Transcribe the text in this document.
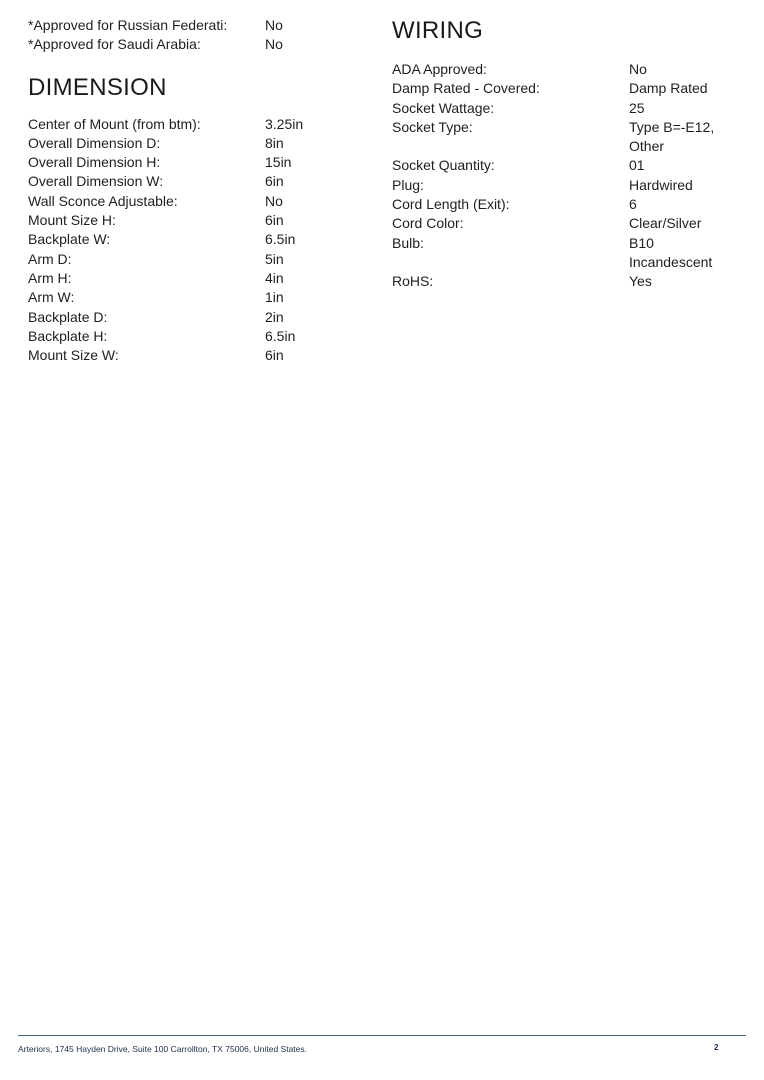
*Approved for Russian Federati:	No
*Approved for Saudi Arabia:	No
DIMENSION
Center of Mount (from btm):	3.25in
Overall Dimension D:	8in
Overall Dimension H:	15in
Overall Dimension W:	6in
Wall Sconce Adjustable:	No
Mount Size H:	6in
Backplate W:	6.5in
Arm D:	5in
Arm H:	4in
Arm W:	1in
Backplate D:	2in
Backplate H:	6.5in
Mount Size W:	6in
WIRING
ADA Approved:	No
Damp Rated - Covered:	Damp Rated
Socket Wattage:	25
Socket Type:	Type B=-E12,
Other
Socket Quantity:	01
Plug:	Hardwired
Cord Length (Exit):	6
Cord Color:	Clear/Silver
Bulb:	B10
Incandescent
RoHS:	Yes
Arteriors, 1745 Hayden Drive, Suite 100 Carrollton, TX 75006, United States.	2
